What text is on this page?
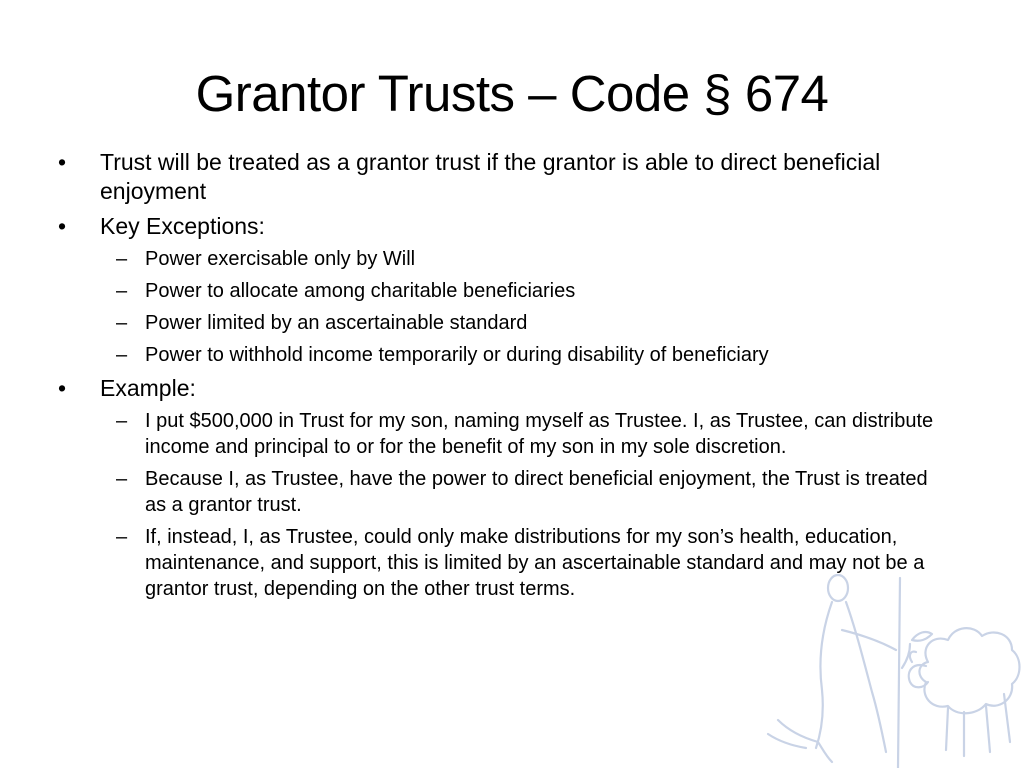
Grantor Trusts – Code § 674
•	Trust will be treated as a grantor trust if the grantor is able to direct beneficial enjoyment
•	Key Exceptions:
– Power exercisable only by Will
– Power to allocate among charitable beneficiaries
– Power limited by an ascertainable standard
– Power to withhold income temporarily or during disability of beneficiary
•	Example:
– I put $500,000 in Trust for my son, naming myself as Trustee. I, as Trustee, can distribute income and principal to or for the benefit of my son in my sole discretion.
– Because I, as Trustee, have the power to direct beneficial enjoyment, the Trust is treated as a grantor trust.
– If, instead, I, as Trustee, could only make distributions for my son’s health, education, maintenance, and support, this is limited by an ascertainable standard and may not be a grantor trust, depending on the other trust terms.
